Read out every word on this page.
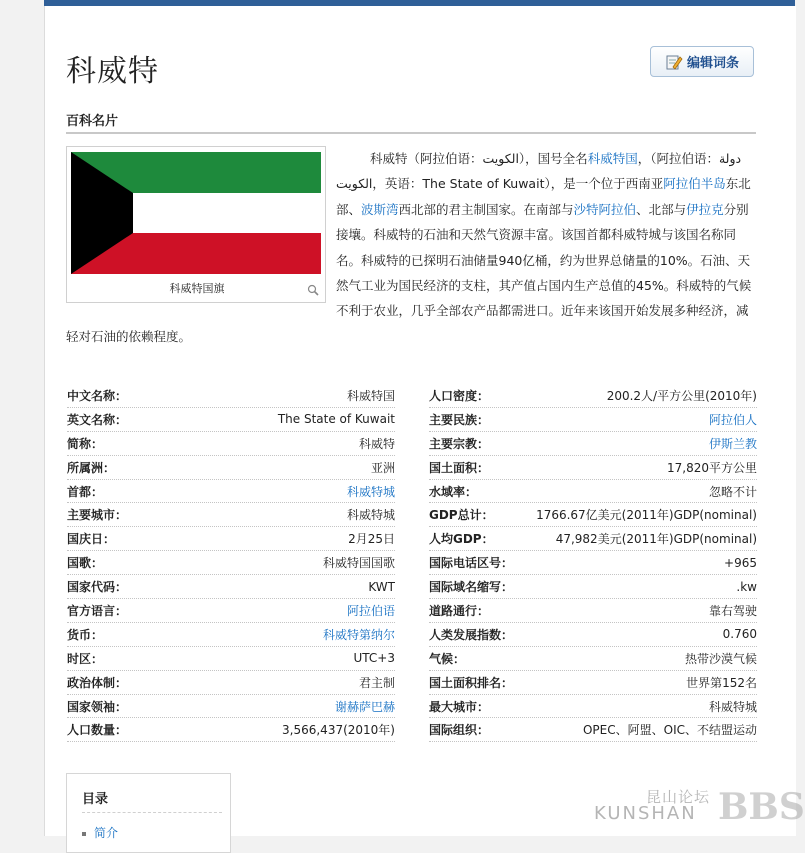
科威特	编辑词条
百科名片
科威特（阿拉伯语：الكويت），国号全名科威特国，（阿拉伯语：دولة الكويت，英语：The State of Kuwait），是一个位于西南亚阿拉伯半岛东北部、波斯湾西北部的君主制国家。在南部与沙特阿拉伯、北部与伊拉克分别接壤。科威特的石油和天然气资源丰富。该国首都科威特城与该国名称同名。科威特的已探明石油储量940亿桶，约为世界总储量的10%。石油、天然气工业为国民经济的支柱，其产值占国内生产总值的45%。科威特的气候不利于农业，几乎全部农产品都需进口。近年来该国开始发展多种经济，减轻对石油的依赖程度。
科威特国旗
中文名称：	科威特国
英文名称：	The State of Kuwait
简称：	科威特
所属洲：	亚洲
首都：	科威特城
主要城市：	科威特城
国庆日：	2月25日
国歌：	科威特国国歌
国家代码：	KWT
官方语言：	阿拉伯语
货币：	科威特第纳尔
时区：	UTC+3
政治体制：	君主制
国家领袖：	谢赫萨巴赫
人口数量：	3,566,437(2010年)
人口密度：	200.2人/平方公里(2010年)
主要民族：	阿拉伯人
主要宗教：	伊斯兰教
国土面积：	17,820平方公里
水域率：	忽略不计
GDP总计：	1766.67亿美元(2011年)GDP(nominal)
人均GDP：	47,982美元(2011年)GDP(nominal)
国际电话区号：	+965
国际域名缩写：	.kw
道路通行：	靠右驾驶
人类发展指数：	0.760
气候：	热带沙漠气候
国土面积排名：	世界第152名
最大城市：	科威特城
国际组织：	OPEC、阿盟、OIC、不结盟运动
目录
简介
BBS
昆山论坛
KUNSHAN
